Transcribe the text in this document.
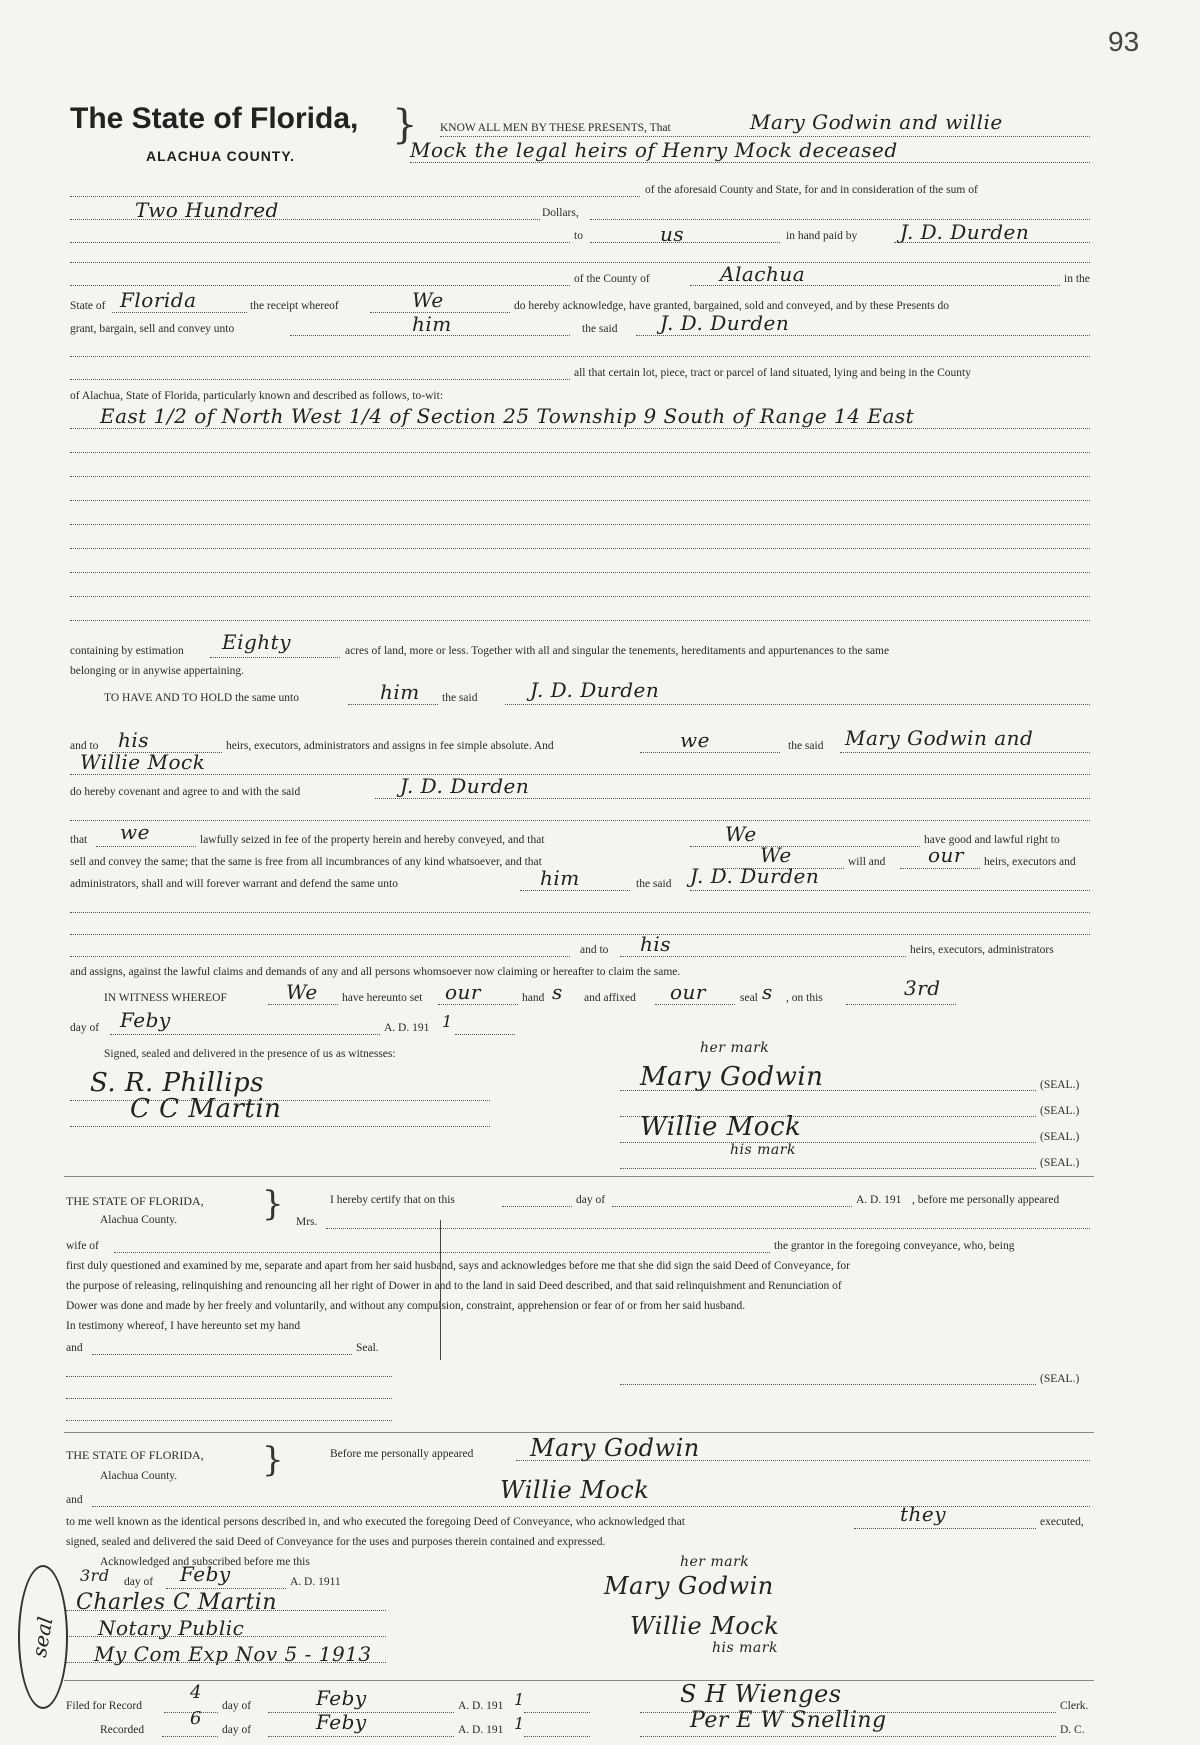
93
The State of Florida,
ALACHUA COUNTY.
} KNOW ALL MEN BY THESE PRESENTS, That	Mary Godwin and willie
Mock the legal heirs of Henry Mock deceased
of the aforesaid County and State, for and in consideration of the sum of
Two Hundred	Dollars,
to	us	in hand paid by J. D. Durden
of the County of	Alachua	in the
State of Florida	the receipt whereof	We	do hereby acknowledge, have granted, bargained, sold and conveyed, and by these Presents do
grant, bargain, sell and convey unto	him	the said J. D. Durden
all that certain lot, piece, tract or parcel of land situated, lying and being in the County
of Alachua, State of Florida, particularly known and described as follows, to-wit:
East 1/2 of North West 1/4 of Section 25 Township 9 South of Range 14 East
containing by estimation Eighty	acres of land, more or less. Together with all and singular the tenements, hereditaments and appurtenances to the same
belonging or in anywise appertaining.
TO HAVE AND TO HOLD the same unto	him the said	J. D. Durden
and to his	heirs, executors, administrators and assigns in fee simple absolute. And	we	the said Mary Godwin and
Willie Mock
do hereby covenant and agree to and with the said	J. D. Durden
that we	lawfully seized in fee of the property herein and hereby conveyed, and that	We	have good and lawful right to
sell and convey the same; that the same is free from all incumbrances of any kind whatsoever, and that	We	will and our heirs, executors and
administrators, shall and will forever warrant and defend the same unto	him	the said J. D. Durden
and to his	heirs, executors, administrators
and assigns, against the lawful claims and demands of any and all persons whomsoever now claiming or hereafter to claim the same.
IN WITNESS WHEREOF	We have hereunto set our	hand s and affixed our	seal s , on this	3rd
day of Feby	A. D. 191 1
Signed, sealed and delivered in the presence of us as witnesses:
S. R. Phillips
C C Martin
Mary Godwin
her mark
(SEAL.)
(SEAL.)
Willie Mock
his mark
(SEAL.)
(SEAL.)
THE STATE OF FLORIDA,
Alachua County. }	I hereby certify that on this	day of	A. D. 191 , before me personally appeared
Mrs.
wife of	the grantor in the foregoing conveyance, who, being
first duly questioned and examined by me, separate and apart from her said husband, says and acknowledges before me that she did sign the said Deed of Conveyance, for
the purpose of releasing, relinquishing and renouncing all her right of Dower in and to the land in said Deed described, and that said relinquishment and Renunciation of
Dower was done and made by her freely and voluntarily, and without any compulsion, constraint, apprehension or fear of or from her said husband.
In testimony whereof, I have hereunto set my hand
and	Seal.
(SEAL.)
THE STATE OF FLORIDA,
Alachua County. }	Before me personally appeared Mary Godwin
and	Willie Mock
to me well known as the identical persons described in, and who executed the foregoing Deed of Conveyance, who acknowledged that	they	executed,
signed, sealed and delivered the said Deed of Conveyance for the uses and purposes therein contained and expressed.
Acknowledged and subscribed before me this
3rd day of Feby	A. D. 1911
Charles C Martin
Notary Public
My Com Exp Nov 5 - 1913
seal
Mary Godwin
her mark
Willie Mock
his mark
Filed for Record
4
day of	Feby	A. D. 191 1
Recorded
6
day of	Feby	A. D. 191 1
S H Wienges	Clerk.
Per E W Snelling	D. C.
